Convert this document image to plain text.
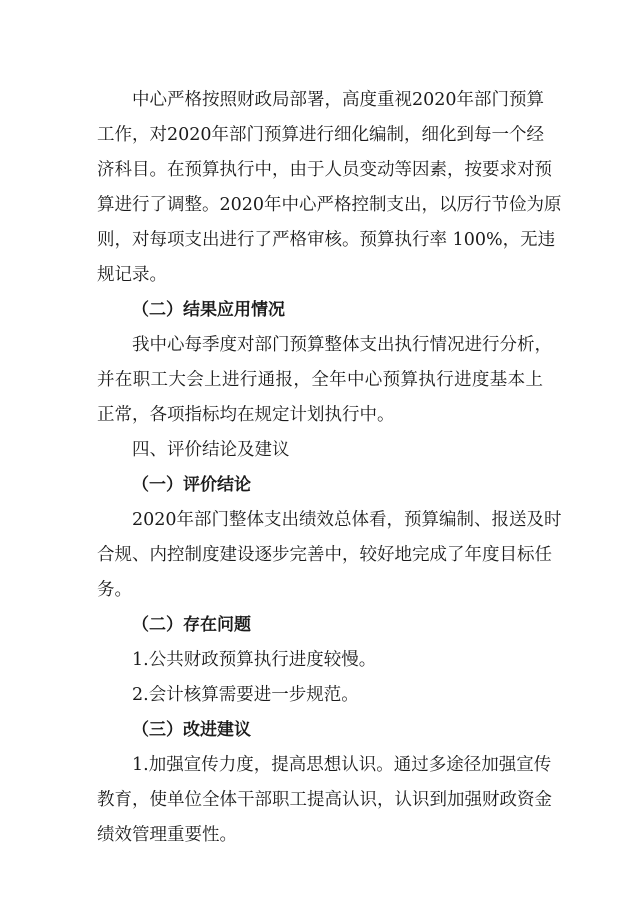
中心严格按照财政局部署，高度重视2020年部门预算
工作，对2020年部门预算进行细化编制，细化到每一个经
济科目。在预算执行中，由于人员变动等因素，按要求对预
算进行了调整。2020年中心严格控制支出，以厉行节俭为原
则，对每项支出进行了严格审核。预算执行率 100%，无违
规记录。
（二）结果应用情况
我中心每季度对部门预算整体支出执行情况进行分析，
并在职工大会上进行通报，全年中心预算执行进度基本上
正常，各项指标均在规定计划执行中。
四、评价结论及建议
（一）评价结论
2020年部门整体支出绩效总体看，预算编制、报送及时
合规、内控制度建设逐步完善中，较好地完成了年度目标任
务。
（二）存在问题
1.公共财政预算执行进度较慢。
2.会计核算需要进一步规范。
（三）改进建议
1.加强宣传力度，提高思想认识。通过多途径加强宣传
教育，使单位全体干部职工提高认识，认识到加强财政资金
绩效管理重要性。
